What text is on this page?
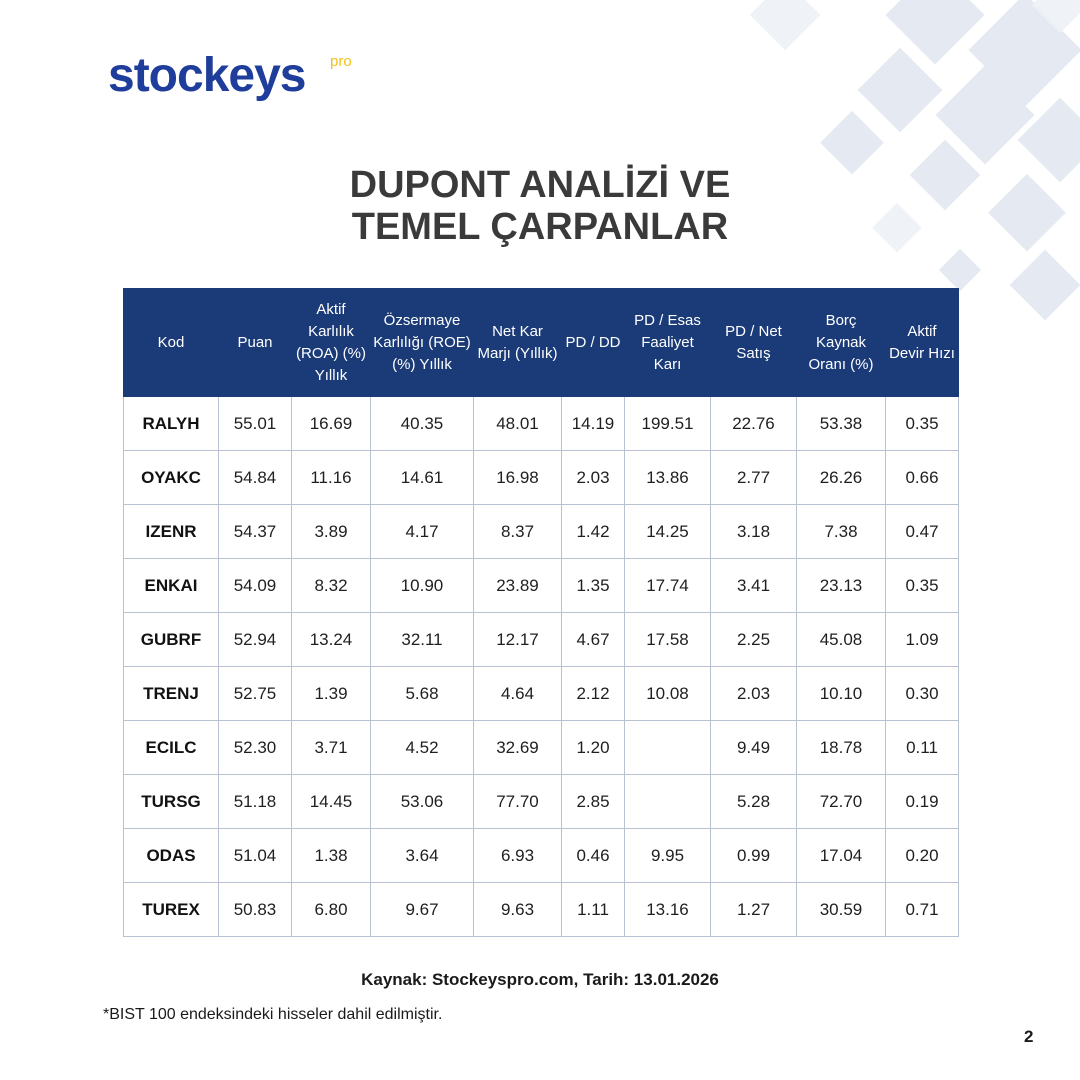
stockeys pro
DUPONT ANALİZİ VE
TEMEL ÇARPANLAR
Kod	Puan	Aktif Karlılık (ROA) (%) Yıllık	Özsermaye Karlılığı (ROE) (%) Yıllık	Net Kar Marjı (Yıllık)	PD / DD	PD / Esas Faaliyet Karı	PD / Net Satış	Borç Kaynak Oranı (%)	Aktif Devir Hızı
RALYH	55.01	16.69	40.35	48.01	14.19	199.51	22.76	53.38	0.35
OYAKC	54.84	11.16	14.61	16.98	2.03	13.86	2.77	26.26	0.66
IZENR	54.37	3.89	4.17	8.37	1.42	14.25	3.18	7.38	0.47
ENKAI	54.09	8.32	10.90	23.89	1.35	17.74	3.41	23.13	0.35
GUBRF	52.94	13.24	32.11	12.17	4.67	17.58	2.25	45.08	1.09
TRENJ	52.75	1.39	5.68	4.64	2.12	10.08	2.03	10.10	0.30
ECILC	52.30	3.71	4.52	32.69	1.20		9.49	18.78	0.11
TURSG	51.18	14.45	53.06	77.70	2.85		5.28	72.70	0.19
ODAS	51.04	1.38	3.64	6.93	0.46	9.95	0.99	17.04	0.20
TUREX	50.83	6.80	9.67	9.63	1.11	13.16	1.27	30.59	0.71
Kaynak: Stockeyspro.com, Tarih: 13.01.2026
*BIST 100 endeksindeki hisseler dahil edilmiştir.
2
